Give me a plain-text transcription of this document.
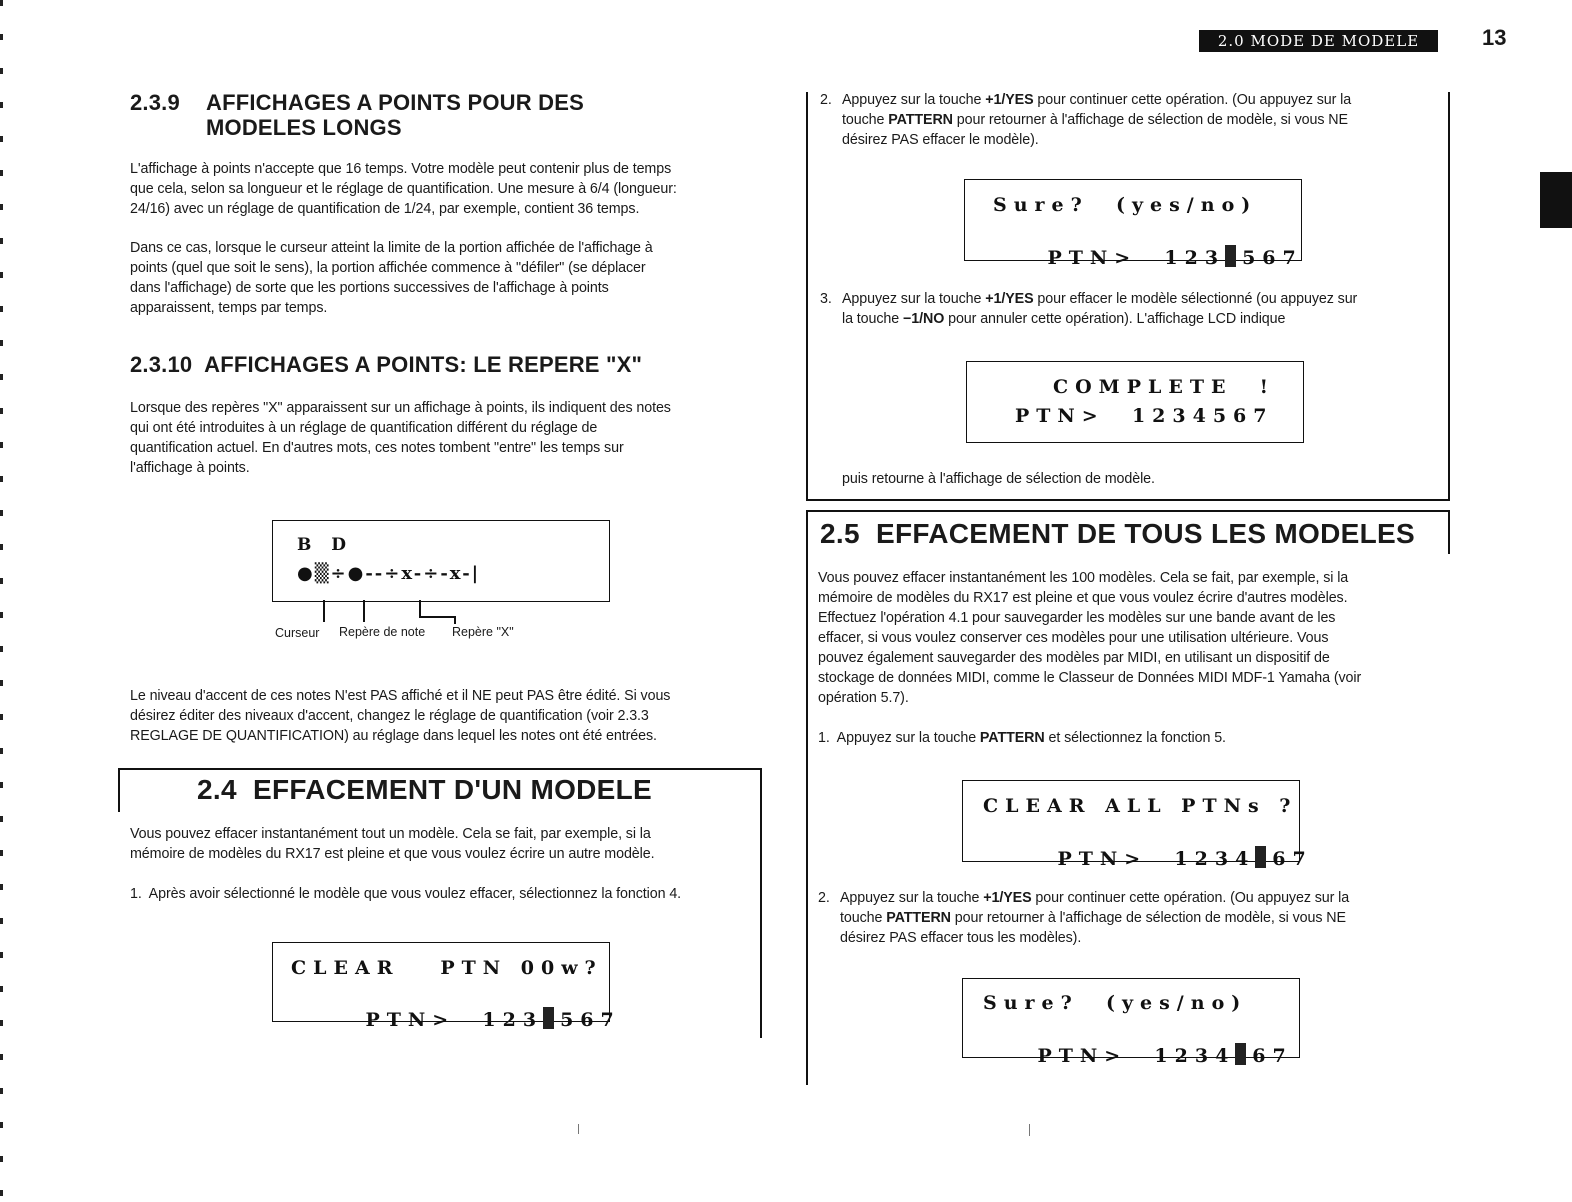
2.0 MODE DE MODELE	13
2.3.9	AFFICHAGES A POINTS POUR DES
MODELES LONGS
L'affichage à points n'accepte que 16 temps. Votre modèle peut contenir plus de temps
que cela, selon sa longueur et le réglage de quantification. Une mesure à 6/4 (longueur:
24/16) avec un réglage de quantification de 1/24, par exemple, contient 36 temps.
Dans ce cas, lorsque le curseur atteint la limite de la portion affichée de l'affichage à
points (quel que soit le sens), la portion affichée commence à "défiler" (se déplacer
dans l'affichage) de sorte que les portions successives de l'affichage à points
apparaissent, temps par temps.
2.3.10  AFFICHAGES A POINTS: LE REPERE "X"
Lorsque des repères "X" apparaissent sur un affichage à points, ils indiquent des notes
qui ont été introduites à un réglage de quantification différent du réglage de
quantification actuel. En d'autres mots, ces notes tombent "entre" les temps sur
l'affichage à points.

B D

●▒÷●--÷x-÷-x-|

Curseur Repère de note Repère "X"
Le niveau d'accent de ces notes N'est PAS affiché et il NE peut PAS être édité. Si vous
désirez éditer des niveaux d'accent, changez le réglage de quantification (voir 2.3.3
REGLAGE DE QUANTIFICATION) au réglage dans lequel les notes ont été entrées.
2.4  EFFACEMENT D'UN MODELE
Vous pouvez effacer instantanément tout un modèle. Cela se fait, par exemple, si la
mémoire de modèles du RX17 est pleine et que vous voulez écrire un autre modèle.
1.  Après avoir sélectionné le modèle que vous voulez effacer, sélectionnez la fonction 4.

CLEAR   PTN 00w?

PTN>  123 567

2. Appuyez sur la touche +1/YES pour continuer cette opération. (Ou appuyez sur la
touche PATTERN pour retourner à l'affichage de sélection de modèle, si vous NE
désirez PAS effacer le modèle).

Sure?  (yes/no)

PTN>  123 567

3. Appuyez sur la touche +1/YES pour effacer le modèle sélectionné (ou appuyez sur
la touche −1/NO pour annuler cette opération). L'affichage LCD indique

COMPLETE  !

PTN>  1234567

puis retourne à l'affichage de sélection de modèle.
2.5  EFFACEMENT DE TOUS LES MODELES
Vous pouvez effacer instantanément les 100 modèles. Cela se fait, par exemple, si la
mémoire de modèles du RX17 est pleine et que vous voulez écrire d'autres modèles.
Effectuez l'opération 4.1 pour sauvegarder les modèles sur une bande avant de les
effacer, si vous voulez conserver ces modèles pour une utilisation ultérieure. Vous
pouvez également sauvegarder des modèles par MIDI, en utilisant un dispositif de
stockage de données MIDI, comme le Classeur de Données MIDI MDF-1 Yamaha (voir
opération 5.7).
1.  Appuyez sur la touche PATTERN et sélectionnez la fonction 5.

CLEAR ALL PTNs ?

PTN>  1234 67

2. Appuyez sur la touche +1/YES pour continuer cette opération. (Ou appuyez sur la
touche PATTERN pour retourner à l'affichage de sélection de modèle, si vous NE
désirez PAS effacer tous les modèles).

Sure?  (yes/no)

PTN>  1234 67
